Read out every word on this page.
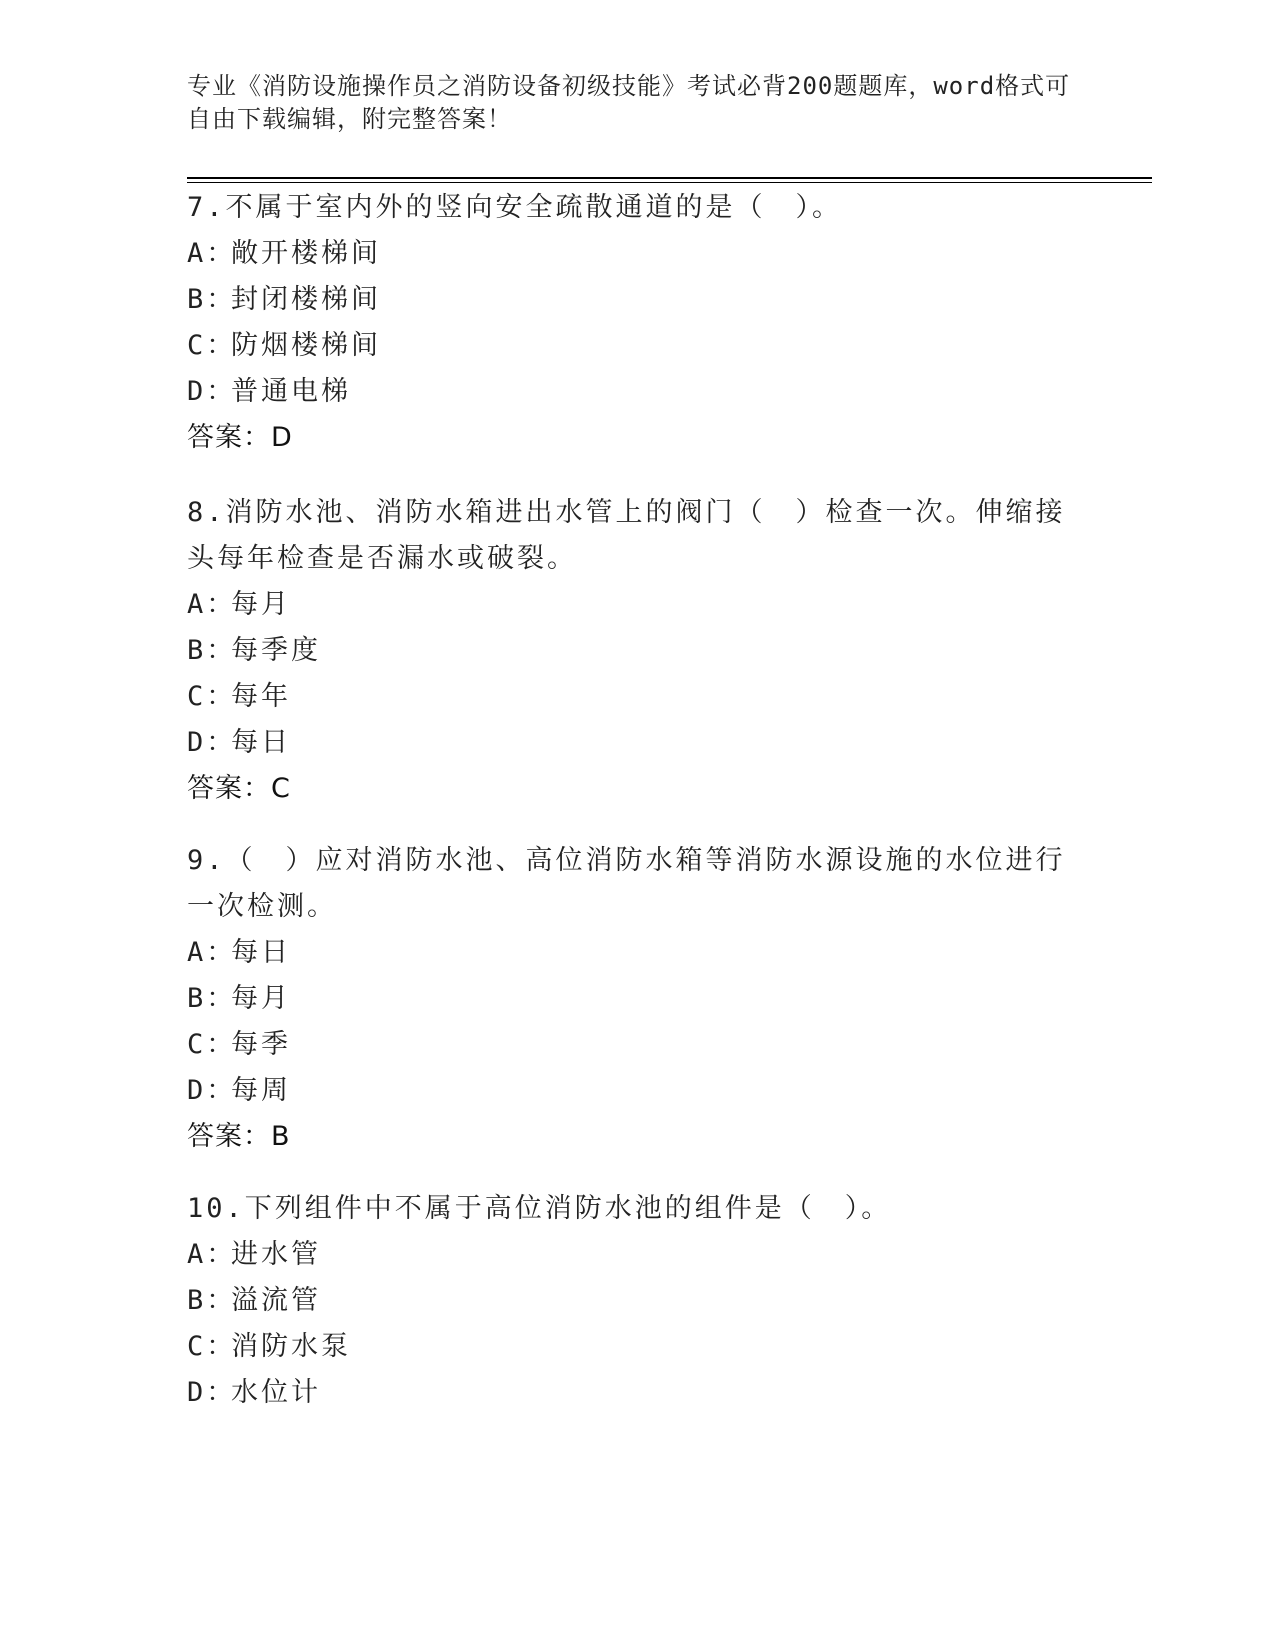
专业《消防设施操作员之消防设备初级技能》考试必背200题题库，word格式可
自由下载编辑，附完整答案！

7.不属于室内外的竖向安全疏散通道的是（　）。

A：敞开楼梯间

B：封闭楼梯间

C：防烟楼梯间

D：普通电梯

答案：D

8.消防水池、消防水箱进出水管上的阀门（　）检查一次。伸缩接头每年检查是否漏水或破裂。

A：每月

B：每季度

C：每年

D：每日

答案：C

9.（　）应对消防水池、高位消防水箱等消防水源设施的水位进行一次检测。

A：每日

B：每月

C：每季

D：每周

答案：B

10.下列组件中不属于高位消防水池的组件是（　）。

A：进水管

B：溢流管

C：消防水泵

D：水位计
